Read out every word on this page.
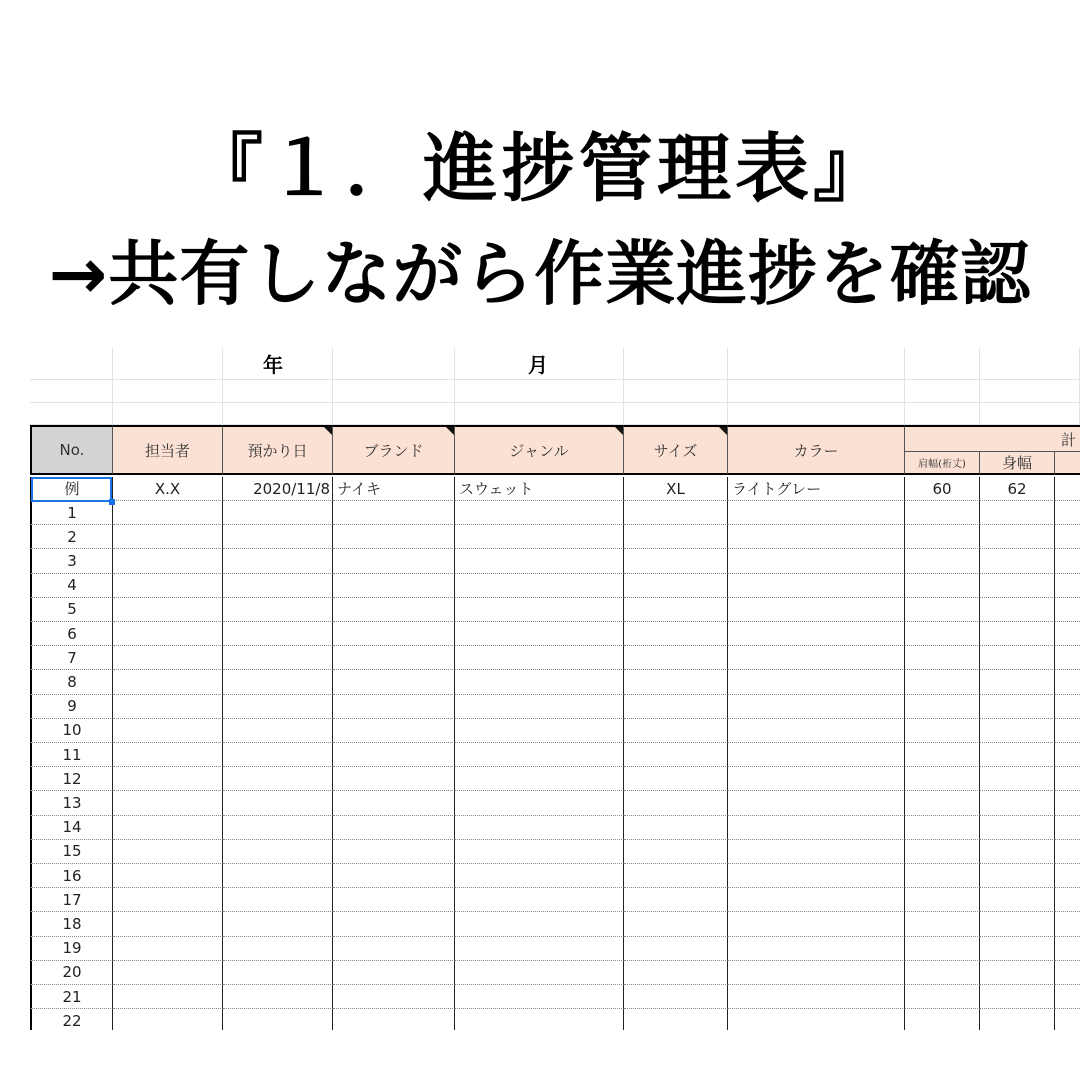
『１．進捗管理表』
→共有しながら作業進捗を確認
年	月
No.	担当者	預かり日	ブランド	ジャンル	サイズ	カラー
計
肩幅(裄丈)	身幅
例	X.X	2020/11/8 ナイキ	スウェット	XL	ライトグレー	60	62
1
2
3
4
5
6
7
8
9
10
11
12
13
14
15
16
17
18
19
20
21
22
